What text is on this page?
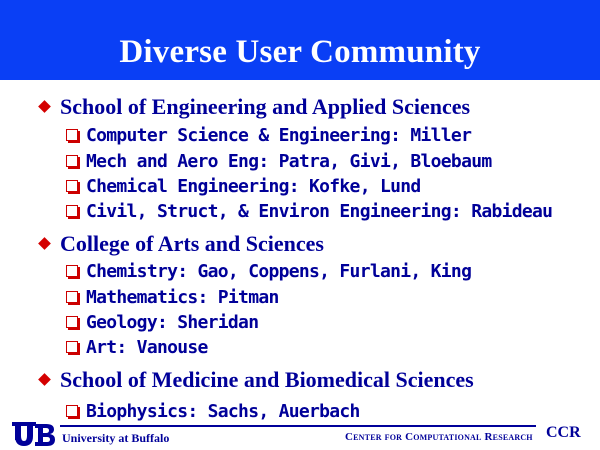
Diverse User Community
School of Engineering and Applied Sciences
Computer Science & Engineering: Miller
Mech and Aero Eng: Patra, Givi, Bloebaum
Chemical Engineering: Kofke, Lund
Civil, Struct, & Environ Engineering: Rabideau
College of Arts and Sciences
Chemistry: Gao, Coppens, Furlani, King
Mathematics: Pitman
Geology: Sheridan
Art: Vanouse
School of Medicine and Biomedical Sciences
Biophysics: Sachs, Auerbach
University at Buffalo	Center for Computational Research CCR
